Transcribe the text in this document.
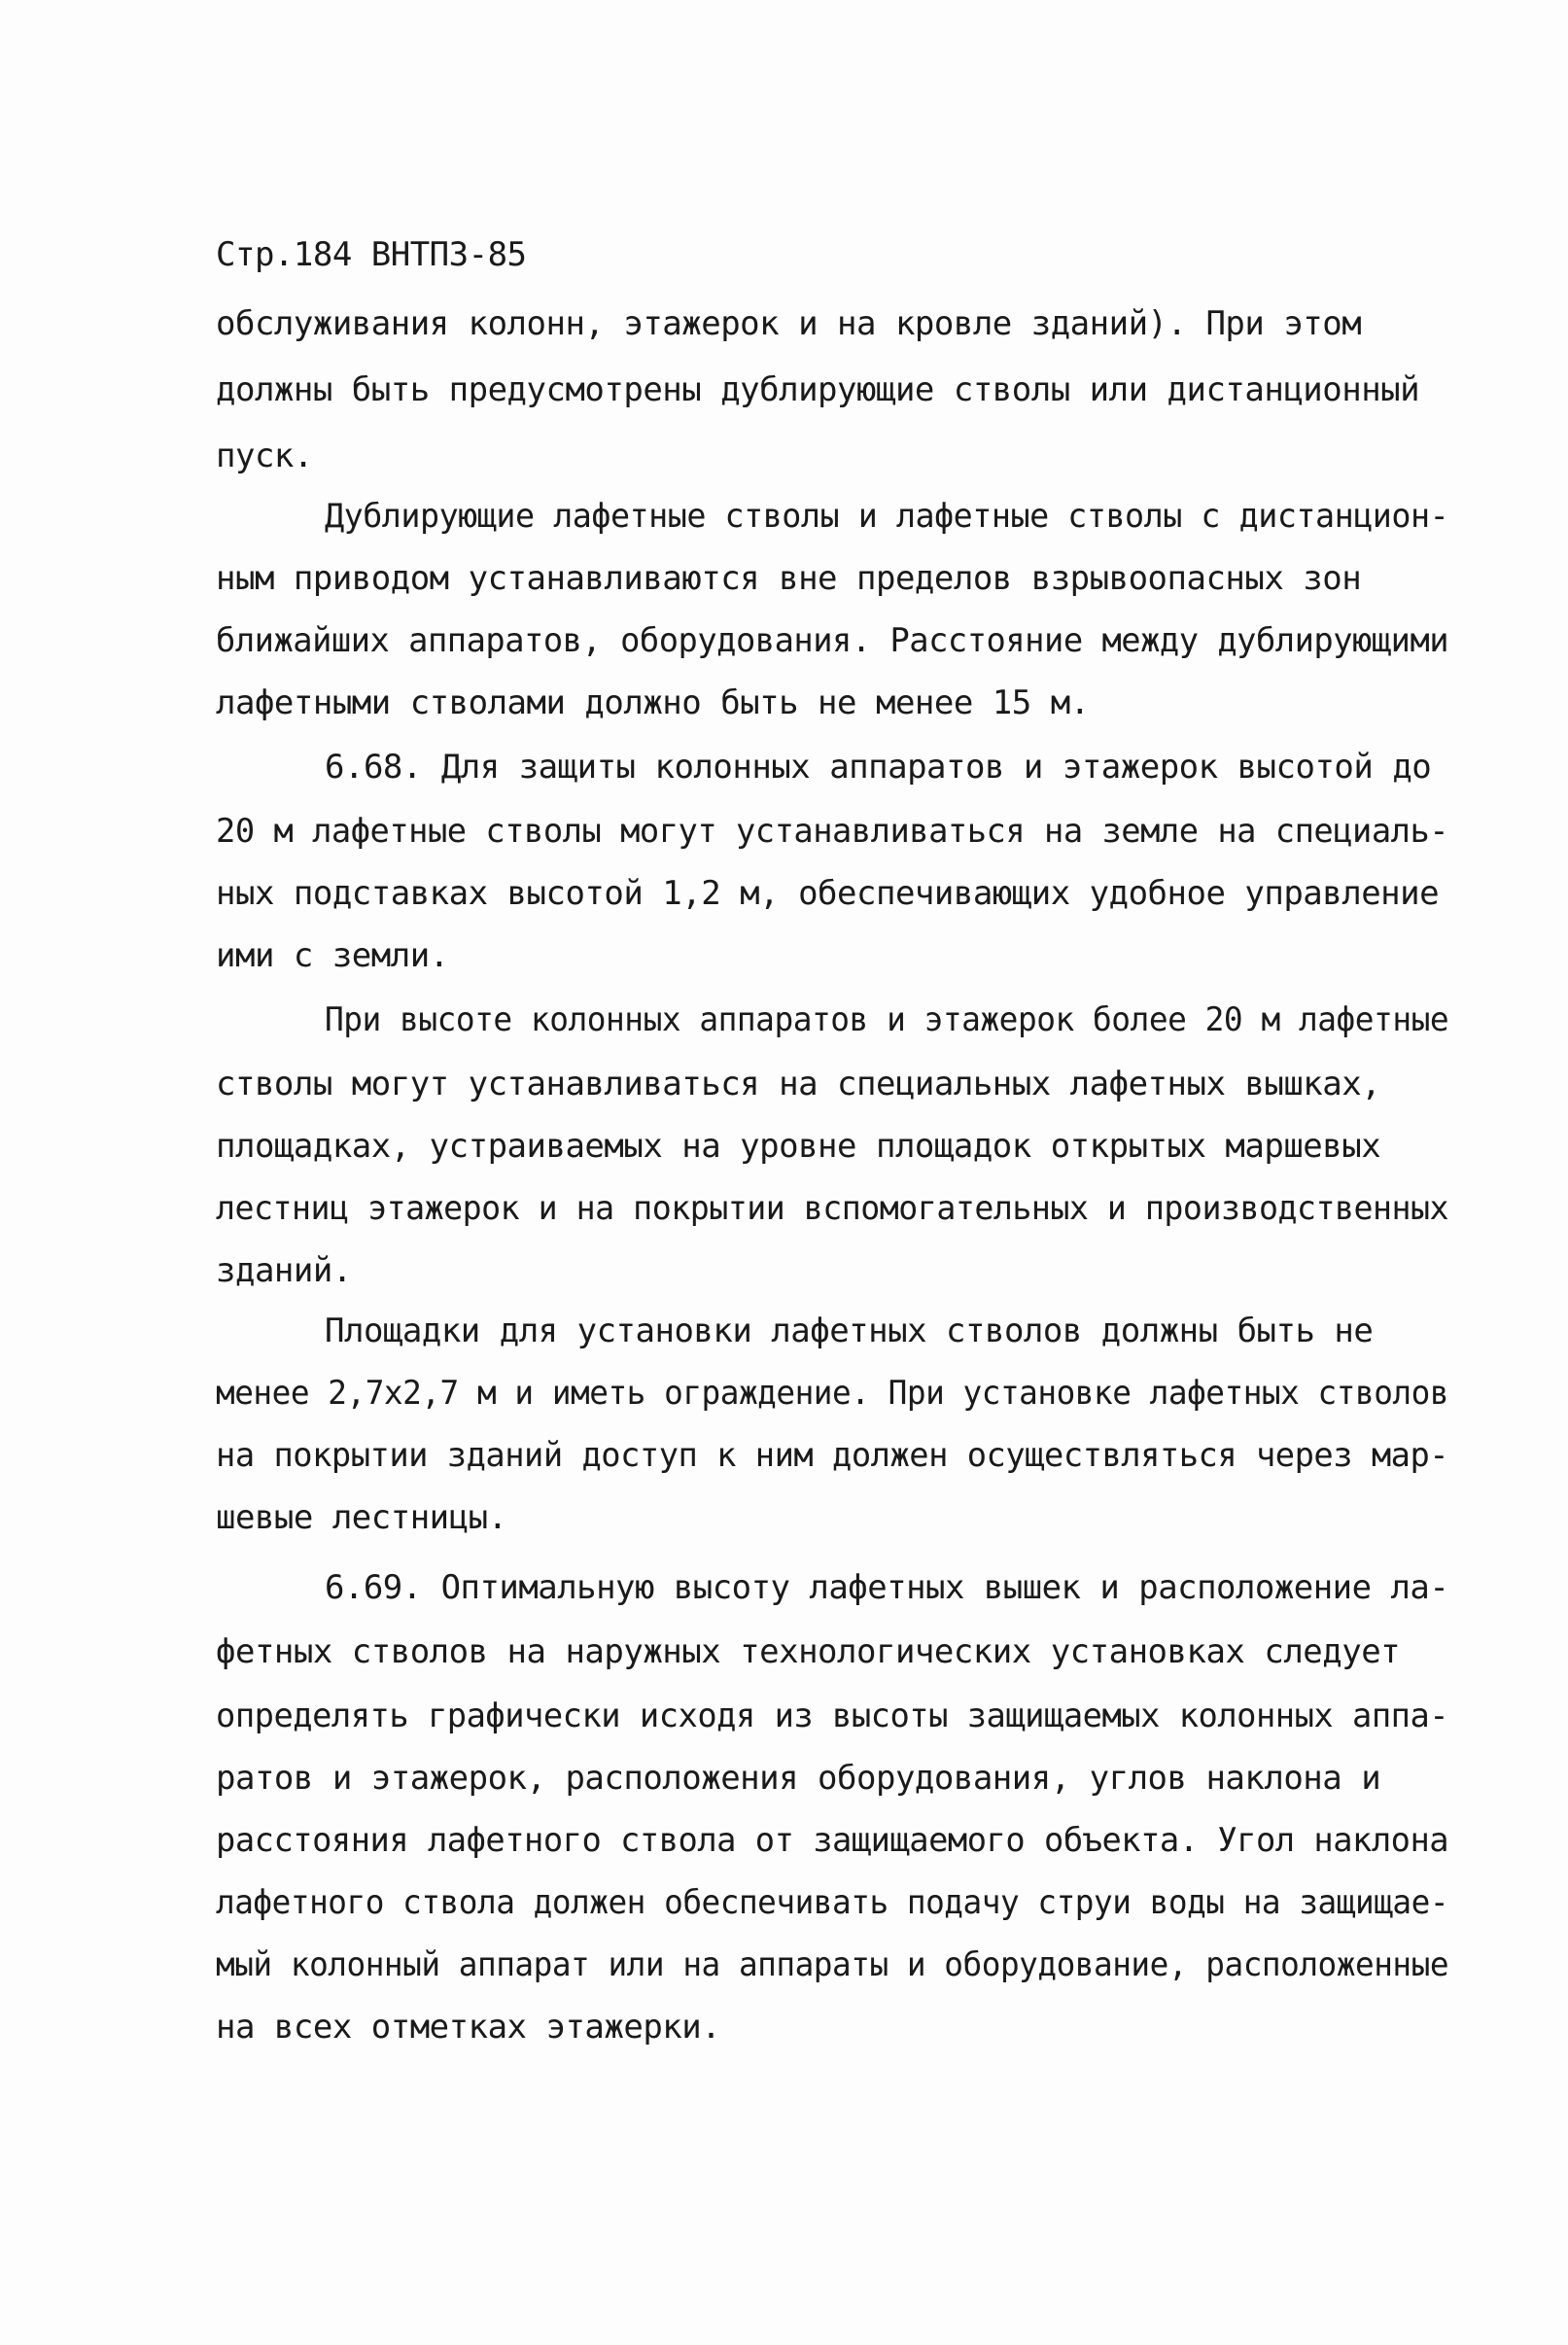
Стр.184 ВНТПЗ-85
обслуживания колонн, этажерок и на кровле зданий). При этом
должны быть предусмотрены дублирующие стволы или дистанционный
пуск.
Дублирующие лафетные стволы и лафетные стволы с дистанцион-
ным приводом устанавливаются вне пределов взрывоопасных зон
ближайших аппаратов, оборудования. Расстояние между дублирующими
лафетными стволами должно быть не менее 15 м.
6.68. Для защиты колонных аппаратов и этажерок высотой до
20 м лафетные стволы могут устанавливаться на земле на специаль-
ных подставках высотой 1,2 м, обеспечивающих удобное управление
ими с земли.
При высоте колонных аппаратов и этажерок более 20 м лафетные
стволы могут устанавливаться на специальных лафетных вышках,
площадках, устраиваемых на уровне площадок открытых маршевых
лестниц этажерок и на покрытии вспомогательных и производственных
зданий.
Площадки для установки лафетных стволов должны быть не
менее 2,7х2,7 м и иметь ограждение. При установке лафетных стволов
на покрытии зданий доступ к ним должен осуществляться через мар-
шевые лестницы.
6.69. Оптимальную высоту лафетных вышек и расположение ла-
фетных стволов на наружных технологических установках следует
определять графически исходя из высоты защищаемых колонных аппа-
ратов и этажерок, расположения оборудования, углов наклона и
расстояния лафетного ствола от защищаемого объекта. Угол наклона
лафетного ствола должен обеспечивать подачу струи воды на защищае-
мый колонный аппарат или на аппараты и оборудование, расположенные
на всех отметках этажерки.
